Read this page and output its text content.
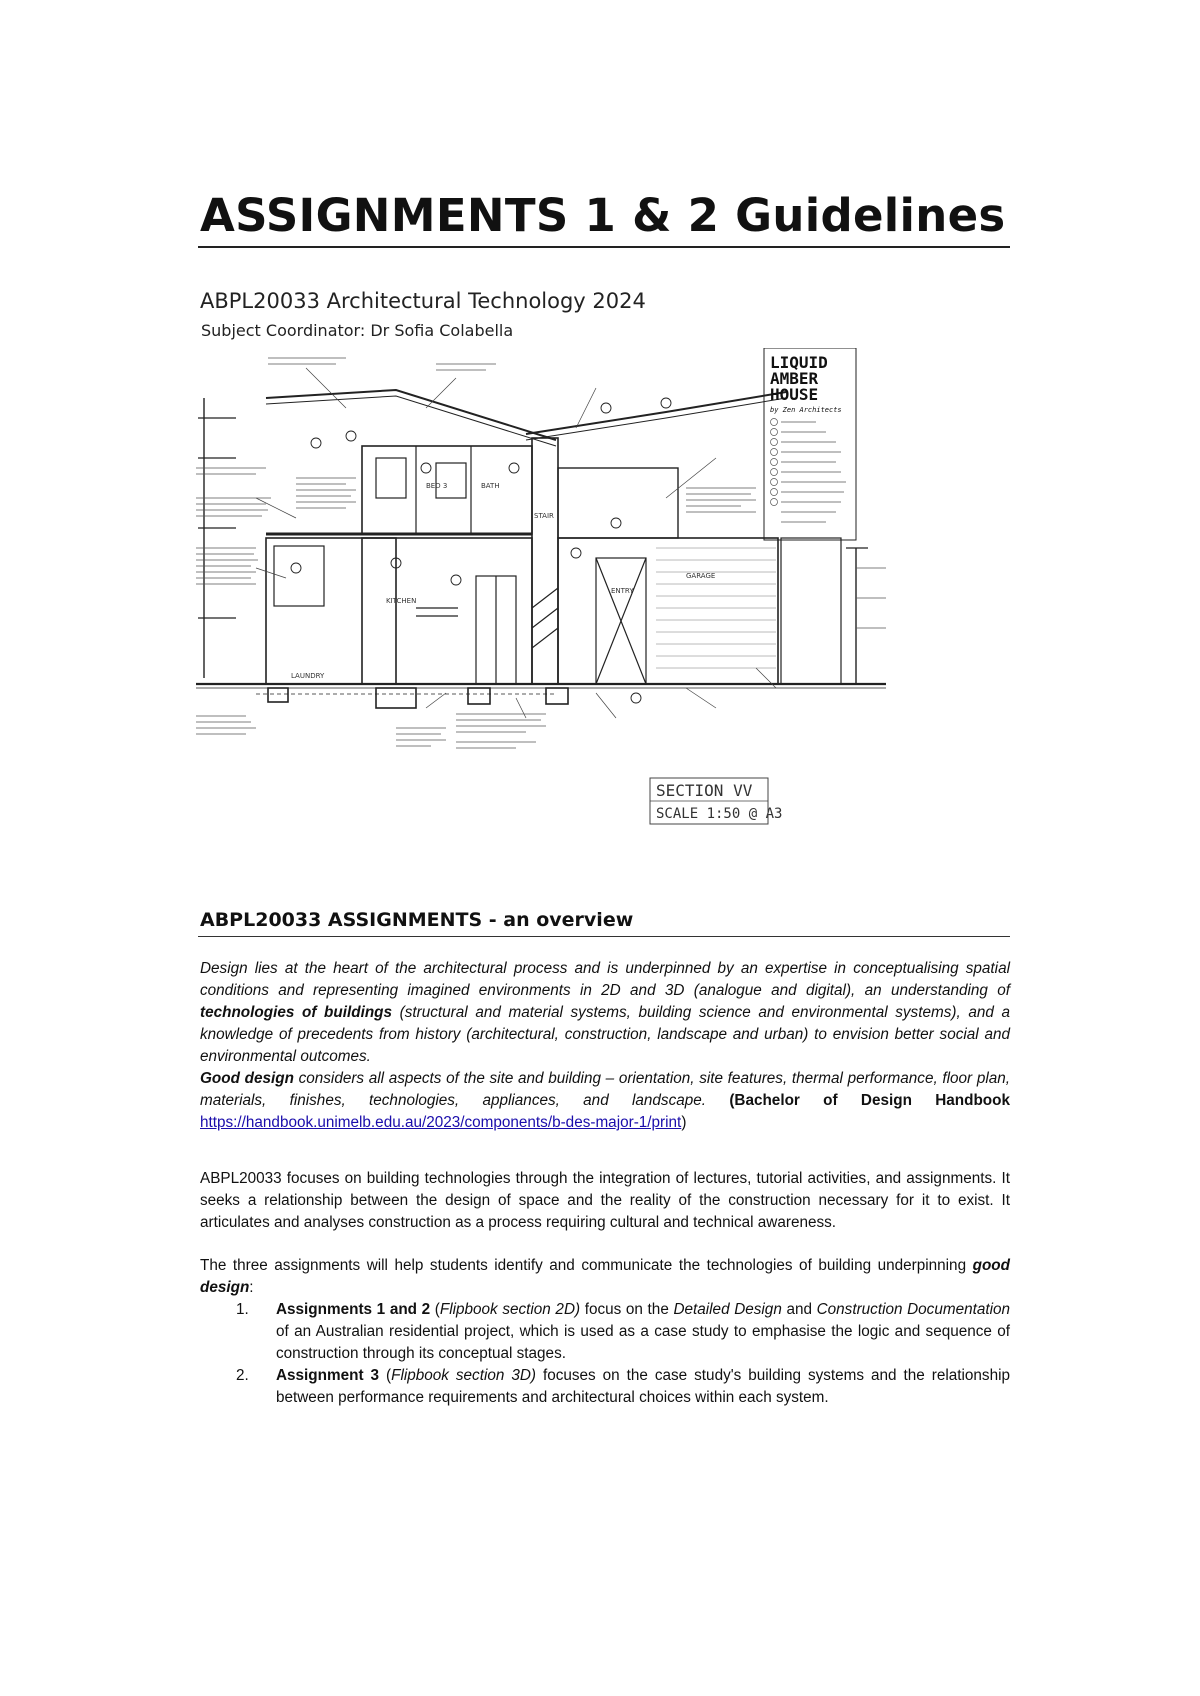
ASSIGNMENTS 1 & 2 Guidelines
ABPL20033 Architectural Technology 2024
Subject Coordinator: Dr Sofia Colabella
KITCHEN
LAUNDRY
BED 3	BATH
STAIR
GARAGE
ENTRY
LIQUID
AMBER
HOUSE
by Zen Architects
SECTION VV
SCALE 1:50 @ A3
ABPL20033 ASSIGNMENTS - an overview

Design lies at the heart of the architectural process and is underpinned by an expertise in conceptualising spatial conditions and representing imagined environments in 2D and 3D (analogue and digital), an understanding of technologies of buildings (structural and material systems, building science and environmental systems), and a knowledge of precedents from history (architectural, construction, landscape and urban) to envision better social and environmental outcomes.
Good design considers all aspects of the site and building – orientation, site features, thermal performance, floor plan, materials, finishes, technologies, appliances, and landscape. (Bachelor of Design Handbook https://handbook.unimelb.edu.au/2023/components/b-des-major-1/print)

ABPL20033 focuses on building technologies through the integration of lectures, tutorial activities, and assignments. It seeks a relationship between the design of space and the reality of the construction necessary for it to exist. It articulates and analyses construction as a process requiring cultural and technical awareness.

The three assignments will help students identify and communicate the technologies of building underpinning good design:

1. Assignments 1 and 2 (Flipbook section 2D) focus on the Detailed Design and Construction Documentation of an Australian residential project, which is used as a case study to emphasise the logic and sequence of construction through its conceptual stages.
2. Assignment 3 (Flipbook section 3D) focuses on the case study's building systems and the relationship between performance requirements and architectural choices within each system.
